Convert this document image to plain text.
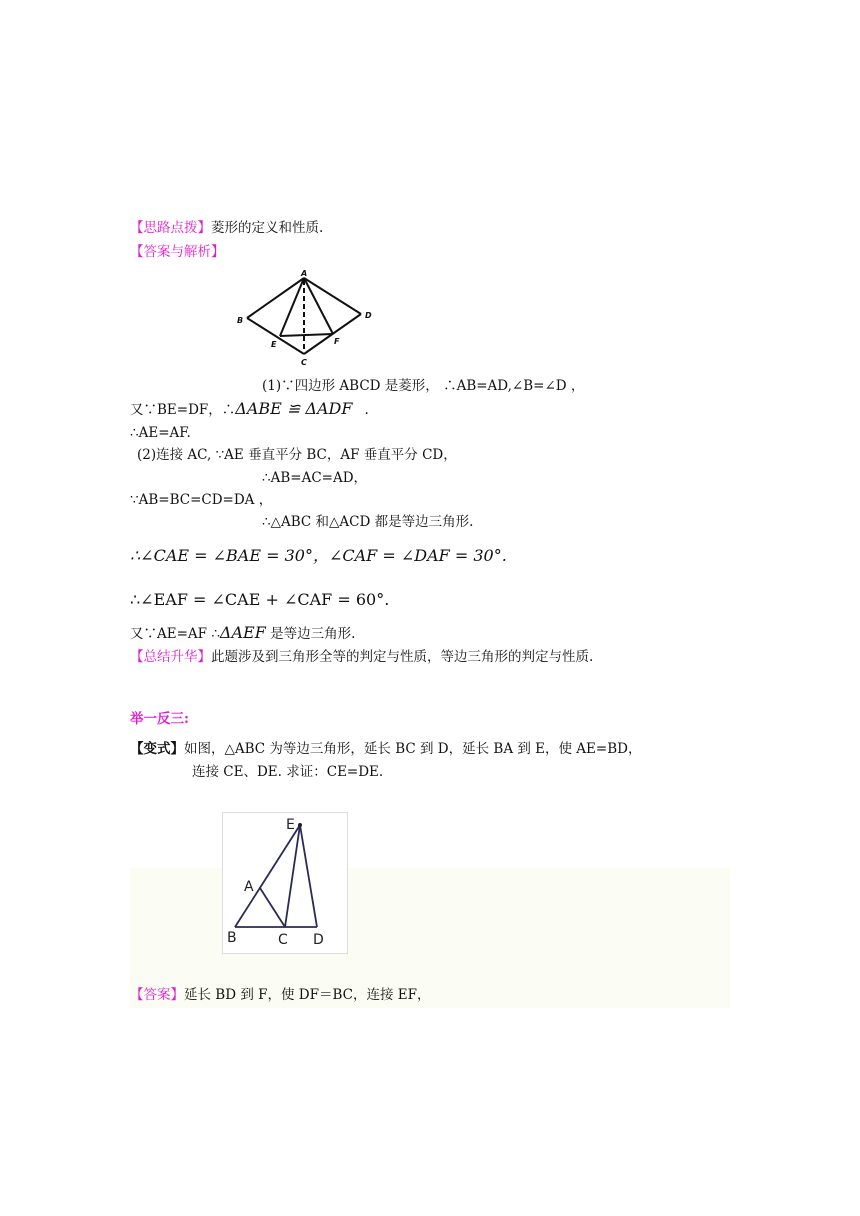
【思路点拨】菱形的定义和性质.
【答案与解析】
A
B
D
E	F
C
(1)∵四边形 ABCD 是菱形， ∴AB=AD,∠B=∠D ，
又∵BE=DF，∴ΔABE ≌ ΔADF .
∴AE=AF.
(2)连接 AC, ∵AE 垂直平分 BC，AF 垂直平分 CD，
∴AB=AC=AD，
∵AB=BC=CD=DA ，
∴△ABC 和△ACD 都是等边三角形.
∴∠CAE = ∠BAE = 30°，∠CAF = ∠DAF = 30°.
∴∠EAF = ∠CAE + ∠CAF = 60°.
又∵AE=AF ∴ΔAEF 是等边三角形.
【总结升华】此题涉及到三角形全等的判定与性质，等边三角形的判定与性质.
举一反三:
【变式】如图，△ABC 为等边三角形，延长 BC 到 D，延长 BA 到 E，使 AE=BD，
连接 CE、DE. 求证：CE=DE.
E
A
B	C D
【答案】延长 BD 到 F，使 DF＝BC，连接 EF，
